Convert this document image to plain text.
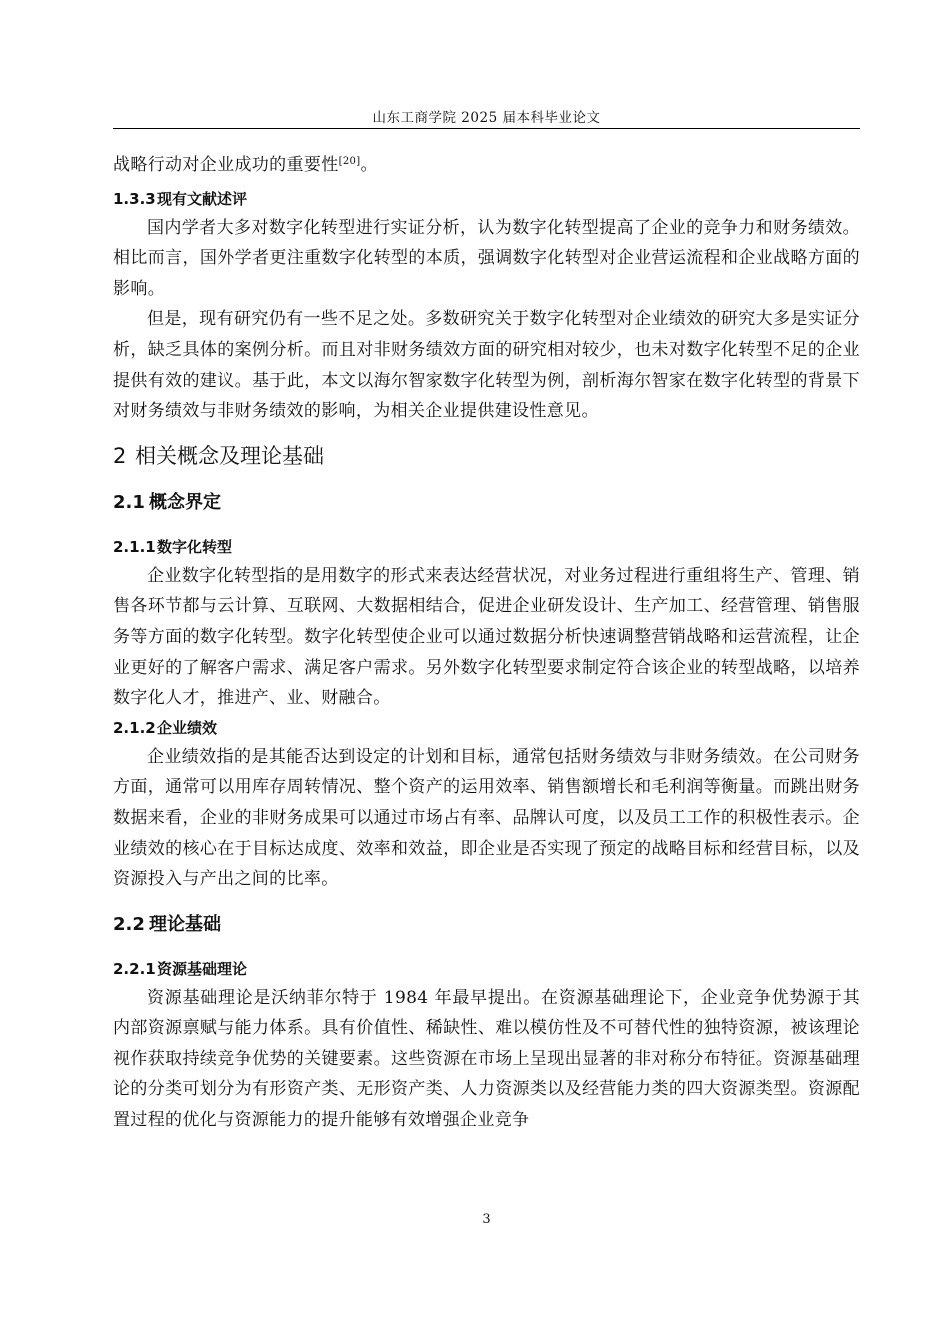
山东工商学院 2025 届本科毕业论文

战略行动对企业成功的重要性[20]。

1.3.3现有文献述评

国内学者大多对数字化转型进行实证分析，认为数字化转型提高了企业的竞争力和财务绩效。相比而言，国外学者更注重数字化转型的本质，强调数字化转型对企业营运流程和企业战略方面的影响。

但是，现有研究仍有一些不足之处。多数研究关于数字化转型对企业绩效的研究大多是实证分析，缺乏具体的案例分析。而且对非财务绩效方面的研究相对较少，也未对数字化转型不足的企业提供有效的建议。基于此，本文以海尔智家数字化转型为例，剖析海尔智家在数字化转型的背景下对财务绩效与非财务绩效的影响，为相关企业提供建设性意见。

2 相关概念及理论基础
2.1 概念界定
2.1.1数字化转型

企业数字化转型指的是用数字的形式来表达经营状况，对业务过程进行重组将生产、管理、销售各环节都与云计算、互联网、大数据相结合，促进企业研发设计、生产加工、经营管理、销售服务等方面的数字化转型。数字化转型使企业可以通过数据分析快速调整营销战略和运营流程，让企业更好的了解客户需求、满足客户需求。另外数字化转型要求制定符合该企业的转型战略，以培养数字化人才，推进产、业、财融合。

2.1.2企业绩效

企业绩效指的是其能否达到设定的计划和目标，通常包括财务绩效与非财务绩效。在公司财务方面，通常可以用库存周转情况、整个资产的运用效率、销售额增长和毛利润等衡量。而跳出财务数据来看，企业的非财务成果可以通过市场占有率、品牌认可度，以及员工工作的积极性表示。企业绩效的核心在于目标达成度、效率和效益，即企业是否实现了预定的战略目标和经营目标，以及资源投入与产出之间的比率。

2.2 理论基础
2.2.1资源基础理论

资源基础理论是沃纳菲尔特于 1984 年最早提出。在资源基础理论下，企业竞争优势源于其内部资源禀赋与能力体系。具有价值性、稀缺性、难以模仿性及不可替代性的独特资源，被该理论视作获取持续竞争优势的关键要素。这些资源在市场上呈现出显著的非对称分布特征。资源基础理论的分类可划分为有形资产类、无形资产类、人力资源类以及经营能力类的四大资源类型。资源配置过程的优化与资源能力的提升能够有效增强企业竞争

3
